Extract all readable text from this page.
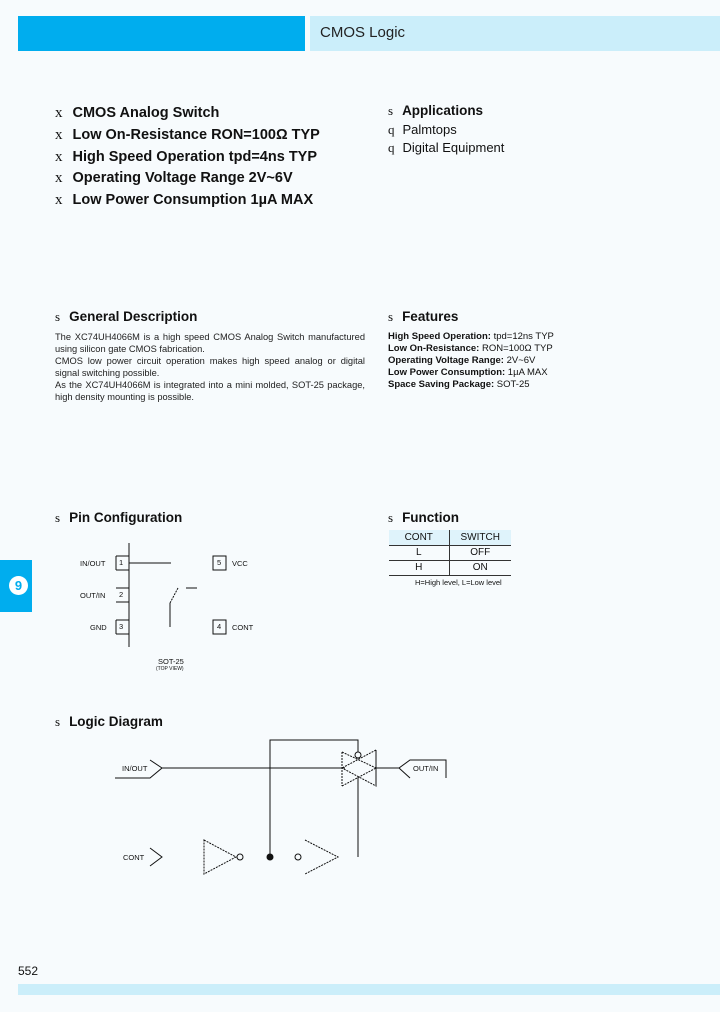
CMOS Logic
x CMOS Analog Switch
x Low On-Resistance RON=100Ω TYP
x High Speed Operation tpd=4ns TYP
x Operating Voltage Range 2V~6V
x Low Power Consumption 1µA MAX
s Applications
q Palmtops
q Digital Equipment
s General Description

The XC74UH4066M is a high speed CMOS Analog Switch manufactured using silicon gate CMOS fabrication.

CMOS low power circuit operation makes high speed analog or digital signal switching possible.

As the XC74UH4066M is integrated into a mini molded, SOT-25 package, high density mounting is possible.

s Features
High Speed Operation: tpd=12ns TYP
Low On-Resistance: RON=100Ω TYP
Operating Voltage Range: 2V~6V
Low Power Consumption: 1µA MAX
Space Saving Package: SOT-25
s Pin Configuration
IN/OUT 1
OUT/IN 2
GND 3	4 CONT
5 VCC
SOT-25
(TOP VIEW)
s Function
CONT	SWITCH
L	OFF
H	ON
H=High level, L=Low level
9
s Logic Diagram
IN/OUT	OUT/IN
CONT
552
